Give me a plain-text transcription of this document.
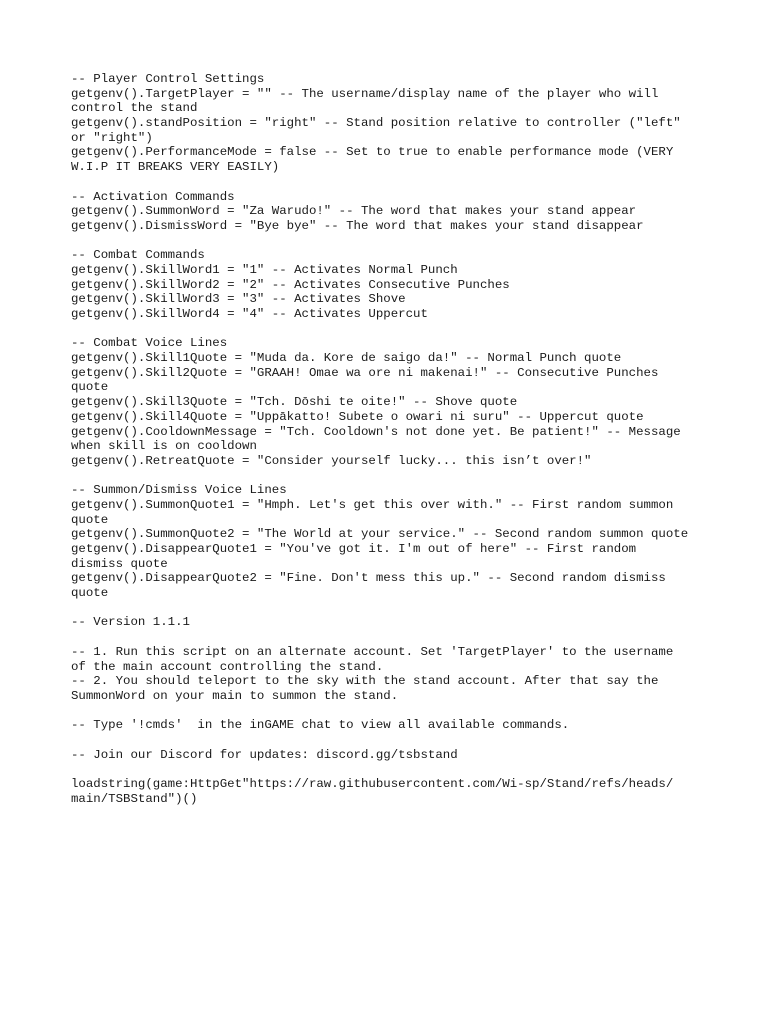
-- Player Control Settings
getgenv().TargetPlayer = "" -- The username/display name of the player who will
control the stand
getgenv().standPosition = "right" -- Stand position relative to controller ("left"
or "right")
getgenv().PerformanceMode = false -- Set to true to enable performance mode (VERY
W.I.P IT BREAKS VERY EASILY)
-- Activation Commands
getgenv().SummonWord = "Za Warudo!" -- The word that makes your stand appear
getgenv().DismissWord = "Bye bye" -- The word that makes your stand disappear
-- Combat Commands
getgenv().SkillWord1 = "1" -- Activates Normal Punch
getgenv().SkillWord2 = "2" -- Activates Consecutive Punches
getgenv().SkillWord3 = "3" -- Activates Shove
getgenv().SkillWord4 = "4" -- Activates Uppercut
-- Combat Voice Lines
getgenv().Skill1Quote = "Muda da. Kore de saigo da!" -- Normal Punch quote
getgenv().Skill2Quote = "GRAAH! Omae wa ore ni makenai!" -- Consecutive Punches
quote
getgenv().Skill3Quote = "Tch. Dōshi te oite!" -- Shove quote
getgenv().Skill4Quote = "Uppākatto! Subete o owari ni suru" -- Uppercut quote
getgenv().CooldownMessage = "Tch. Cooldown's not done yet. Be patient!" -- Message
when skill is on cooldown
getgenv().RetreatQuote = "Consider yourself lucky... this isn’t over!"
-- Summon/Dismiss Voice Lines
getgenv().SummonQuote1 = "Hmph. Let's get this over with." -- First random summon
quote
getgenv().SummonQuote2 = "The World at your service." -- Second random summon quote
getgenv().DisappearQuote1 = "You've got it. I'm out of here" -- First random
dismiss quote
getgenv().DisappearQuote2 = "Fine. Don't mess this up." -- Second random dismiss
quote
-- Version 1.1.1
-- 1. Run this script on an alternate account. Set 'TargetPlayer' to the username
of the main account controlling the stand.
-- 2. You should teleport to the sky with the stand account. After that say the
SummonWord on your main to summon the stand.
-- Type '!cmds'  in the inGAME chat to view all available commands.
-- Join our Discord for updates: discord.gg/tsbstand
loadstring(game:HttpGet"https://raw.githubusercontent.com/Wi-sp/Stand/refs/heads/
main/TSBStand")()
